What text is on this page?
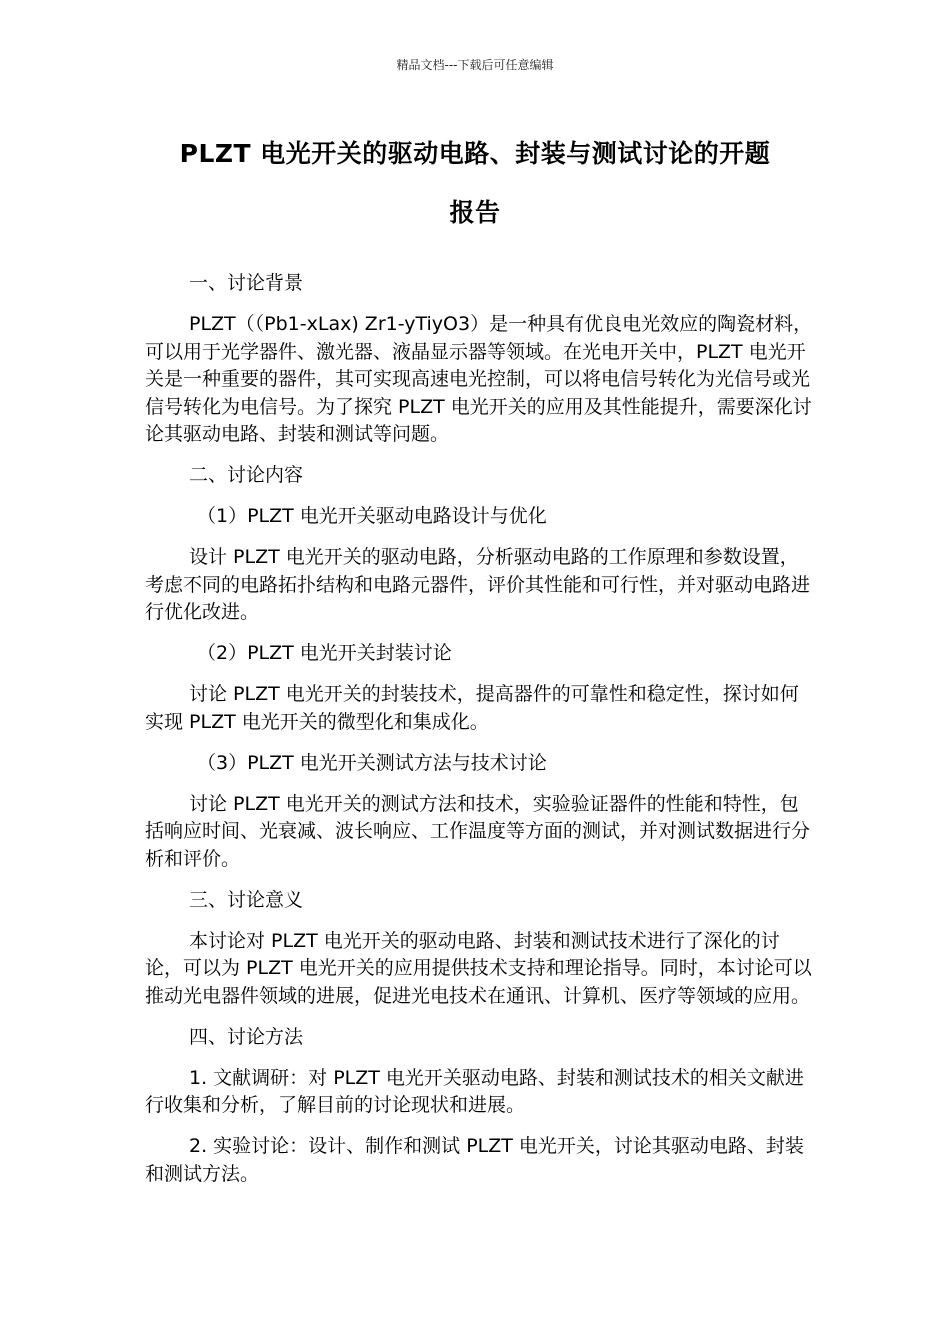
精品文档---下载后可任意编辑
PLZT 电光开关的驱动电路、封装与测试讨论的开题
报告

一、讨论背景

PLZT（（Pb1-xLax) Zr1-yTiyO3）是一种具有优良电光效应的陶瓷材料，可以用于光学器件、激光器、液晶显示器等领域。在光电开关中，PLZT 电光开关是一种重要的器件，其可实现高速电光控制，可以将电信号转化为光信号或光信号转化为电信号。为了探究 PLZT 电光开关的应用及其性能提升，需要深化讨论其驱动电路、封装和测试等问题。

二、讨论内容

（1）PLZT 电光开关驱动电路设计与优化

设计 PLZT 电光开关的驱动电路，分析驱动电路的工作原理和参数设置，考虑不同的电路拓扑结构和电路元器件，评价其性能和可行性，并对驱动电路进行优化改进。

（2）PLZT 电光开关封装讨论

讨论 PLZT 电光开关的封装技术，提高器件的可靠性和稳定性，探讨如何实现 PLZT 电光开关的微型化和集成化。

（3）PLZT 电光开关测试方法与技术讨论

讨论 PLZT 电光开关的测试方法和技术，实验验证器件的性能和特性，包括响应时间、光衰减、波长响应、工作温度等方面的测试，并对测试数据进行分析和评价。

三、讨论意义

本讨论对 PLZT 电光开关的驱动电路、封装和测试技术进行了深化的讨论，可以为 PLZT 电光开关的应用提供技术支持和理论指导。同时，本讨论可以推动光电器件领域的进展，促进光电技术在通讯、计算机、医疗等领域的应用。

四、讨论方法

1. 文献调研：对 PLZT 电光开关驱动电路、封装和测试技术的相关文献进行收集和分析，了解目前的讨论现状和进展。

2. 实验讨论：设计、制作和测试 PLZT 电光开关，讨论其驱动电路、封装和测试方法。
